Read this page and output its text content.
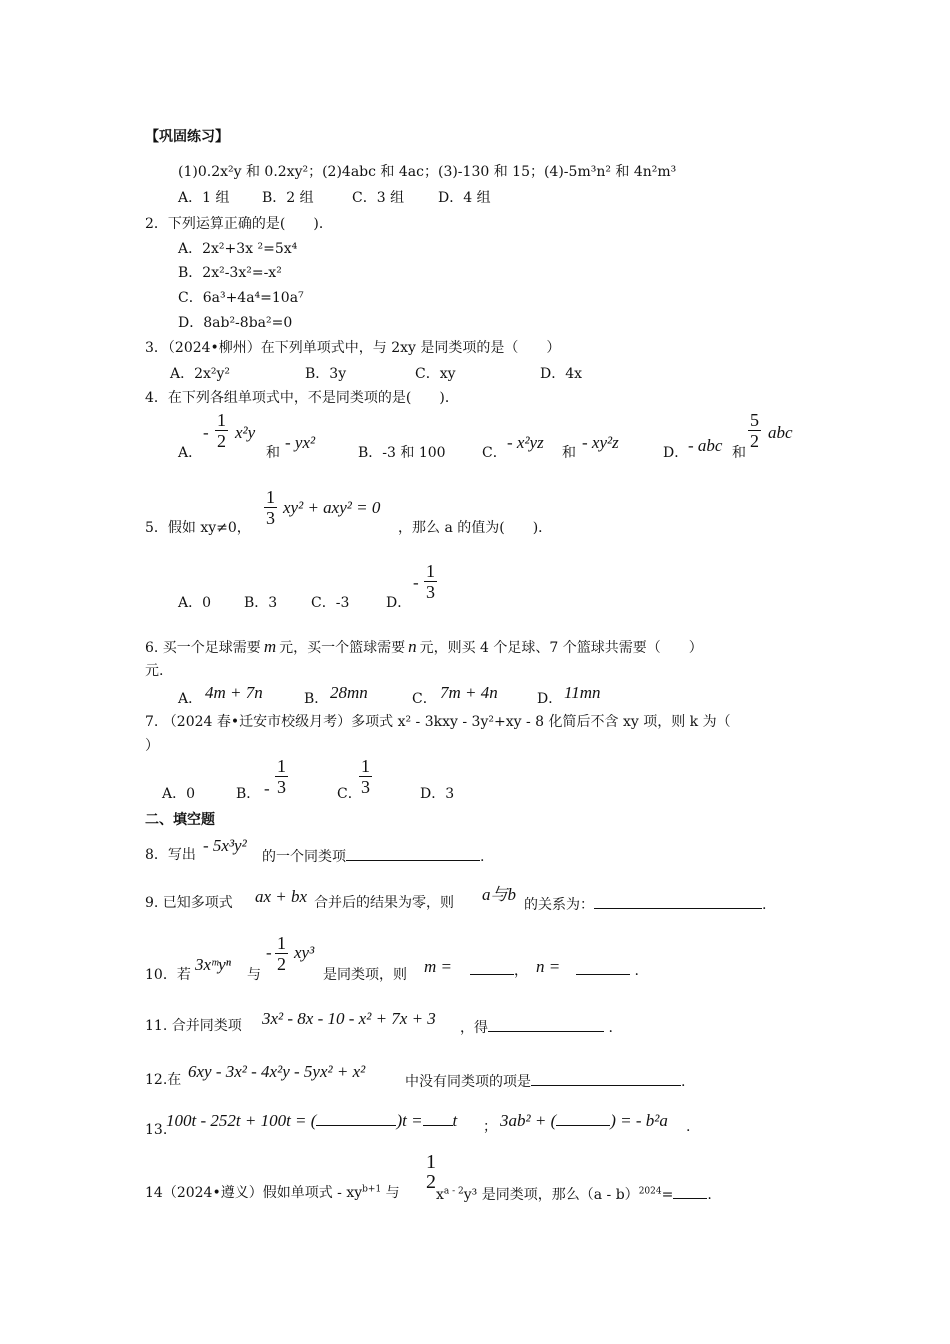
【巩固练习】
(1)0.2x²y 和 0.2xy²；(2)4abc 和 4ac；(3)-130 和 15；(4)-5m³n² 和 4n²m³
A．1 组 B．2 组	C．3 组 D．4 组
2．下列运算正确的是(　　)．
A．2x²+3x ²=5x⁴
B．2x²-3x²=-x²
C．6a³+4a⁴=10a⁷
D．8ab²-8ba²=0
3．（2024•柳州）在下列单项式中，与 2xy 是同类项的是（　　）
A．2x²y²	B．3y	C．xy	D．4x
4．在下列各组单项式中，不是同类项的是(　　)．
A．
- $\frac{1}{2} x^2y$
和
- yx²
B．-3 和 100	C．
- x²yz
和
- xy²z
D． - abc 和
$\frac{5}{2}$ abc
5．假如 xy≠0， $\frac{1}{3} xy^2 + axy^2 = 0$
，那么 a 的值为(　　)．
A．0 B．3 C．-3	D．
- $\frac{1}{3}$
6. 买一个足球需要 m 元，买一个篮球需要 n 元，则买 4 个足球、7 个篮球共需要（　　）
元.
A． 4m + 7n	B． 28mn	C． 7m + 4n	D． 11mn
7. （2024 春•迁安市校级月考）多项式 x² - 3kxy - 3y²+xy - 8 化简后不含 xy 项，则 k 为（
）
A．0	B． - $\frac{1}{3}$	C．
$\frac{1}{3}$	D．3
二、填空题
8．写出 - 5x³y²
的一个同类项	.
9. 已知多项式 ax + bx 合并后的结果为零，则 a与b
的关系为：	.
10．若
3xᵐyⁿ
与
- $\frac{1}{2} xy^3$
是同类项，则 m =	， n =	.
11. 合并同类项 3x² - 8x - 10 - x² + 7x + 3 ，得	.
12.在 6xy - 3x² - 4x²y - 5yx² + x²
中没有同类项的项是	.
13.
100t - 252t + 100t = (	)t = t ； 3ab² + (	) = - b²a .
14（2024•遵义）假如单项式 - $xy^{b+1}$ 与
1
2
$x^{a - 2}y^3$ 是同类项，那么（a - b）$^{2024}$= .
